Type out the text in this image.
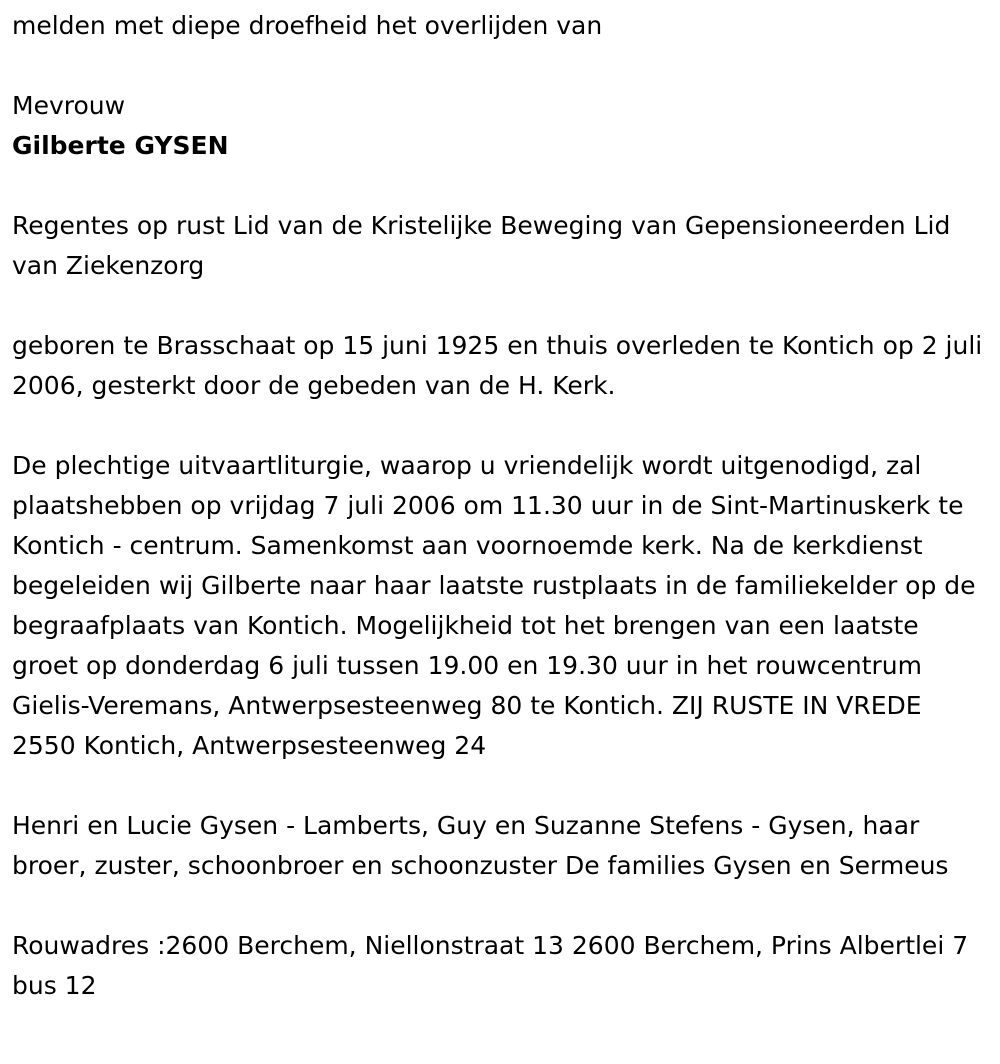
melden met diepe droefheid het overlijden van

Mevrouw

Gilberte GYSEN

Regentes op rust Lid van de Kristelijke Beweging van Gepensioneerden Lid van Ziekenzorg

geboren te Brasschaat op 15 juni 1925 en thuis overleden te Kontich op 2 juli 2006, gesterkt door de gebeden van de H. Kerk.

De plechtige uitvaartliturgie, waarop u vriendelijk wordt uitgenodigd, zal plaatshebben op vrijdag 7 juli 2006 om 11.30 uur in de Sint-Martinuskerk te Kontich - centrum. Samenkomst aan voornoemde kerk. Na de kerkdienst begeleiden wij Gilberte naar haar laatste rustplaats in de familiekelder op de begraafplaats van Kontich. Mogelijkheid tot het brengen van een laatste groet op donderdag 6 juli tussen 19.00 en 19.30 uur in het rouwcentrum Gielis-Veremans, Antwerpsesteenweg 80 te Kontich. ZIJ RUSTE IN VREDE 2550 Kontich, Antwerpsesteenweg 24

Henri en Lucie Gysen - Lamberts, Guy en Suzanne Stefens - Gysen, haar broer, zuster, schoonbroer en schoonzuster De families Gysen en Sermeus

Rouwadres :2600 Berchem, Niellonstraat 13 2600 Berchem, Prins Albertlei 7 bus 12
